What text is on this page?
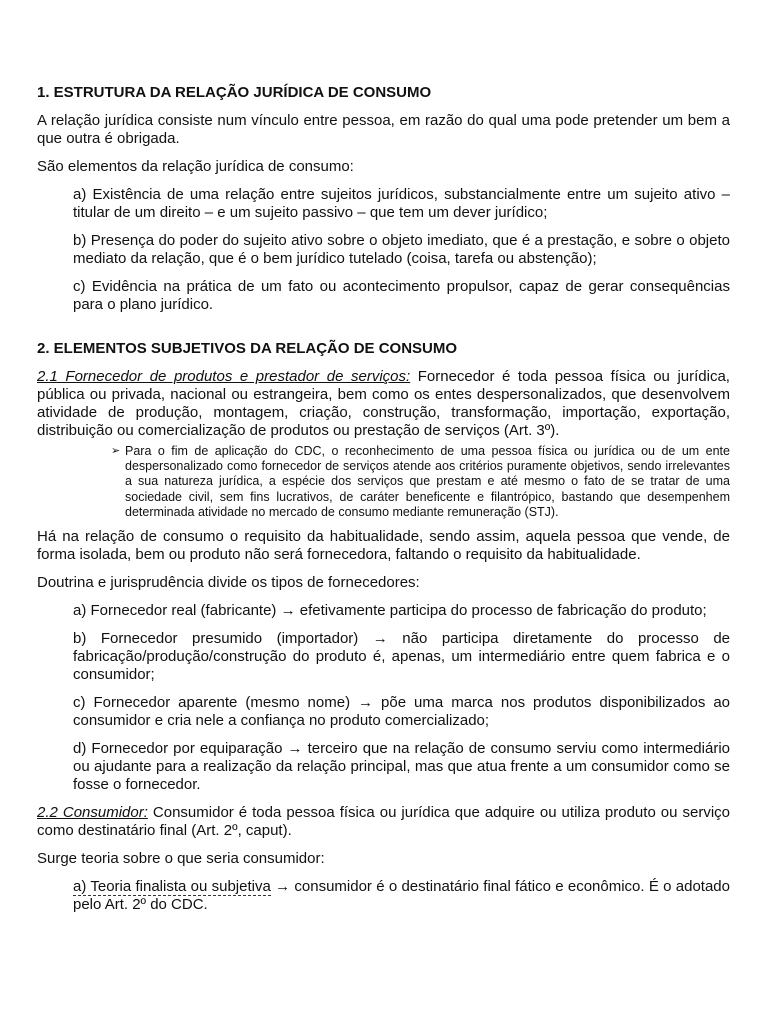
1. ESTRUTURA DA RELAÇÃO JURÍDICA DE CONSUMO

A relação jurídica consiste num vínculo entre pessoa, em razão do qual uma pode pretender um bem a que outra é obrigada.

São elementos da relação jurídica de consumo:

a) Existência de uma relação entre sujeitos jurídicos, substancialmente entre um sujeito ativo – titular de um direito – e um sujeito passivo – que tem um dever jurídico;

b) Presença do poder do sujeito ativo sobre o objeto imediato, que é a prestação, e sobre o objeto mediato da relação, que é o bem jurídico tutelado (coisa, tarefa ou abstenção);

c) Evidência na prática de um fato ou acontecimento propulsor, capaz de gerar consequências para o plano jurídico.

2. ELEMENTOS SUBJETIVOS DA RELAÇÃO DE CONSUMO

2.1 Fornecedor de produtos e prestador de serviços: Fornecedor é toda pessoa física ou jurídica, pública ou privada, nacional ou estrangeira, bem como os entes despersonalizados, que desenvolvem atividade de produção, montagem, criação, construção, transformação, importação, exportação, distribuição ou comercialização de produtos ou prestação de serviços (Art. 3º).

➢ Para o fim de aplicação do CDC, o reconhecimento de uma pessoa física ou jurídica ou de um ente despersonalizado como fornecedor de serviços atende aos critérios puramente objetivos, sendo irrelevantes a sua natureza jurídica, a espécie dos serviços que prestam e até mesmo o fato de se tratar de uma sociedade civil, sem fins lucrativos, de caráter beneficente e filantrópico, bastando que desempenhem determinada atividade no mercado de consumo mediante remuneração (STJ).

Há na relação de consumo o requisito da habitualidade, sendo assim, aquela pessoa que vende, de forma isolada, bem ou produto não será fornecedora, faltando o requisito da habitualidade.

Doutrina e jurisprudência divide os tipos de fornecedores:

a) Fornecedor real (fabricante) → efetivamente participa do processo de fabricação do produto;

b) Fornecedor presumido (importador) → não participa diretamente do processo de fabricação/produção/construção do produto é, apenas, um intermediário entre quem fabrica e o consumidor;

c) Fornecedor aparente (mesmo nome) → põe uma marca nos produtos disponibilizados ao consumidor e cria nele a confiança no produto comercializado;

d) Fornecedor por equiparação → terceiro que na relação de consumo serviu como intermediário ou ajudante para a realização da relação principal, mas que atua frente a um consumidor como se fosse o fornecedor.

2.2 Consumidor: Consumidor é toda pessoa física ou jurídica que adquire ou utiliza produto ou serviço como destinatário final (Art. 2º, caput).

Surge teoria sobre o que seria consumidor:

a) Teoria finalista ou subjetiva → consumidor é o destinatário final fático e econômico. É o adotado pelo Art. 2º do CDC.
